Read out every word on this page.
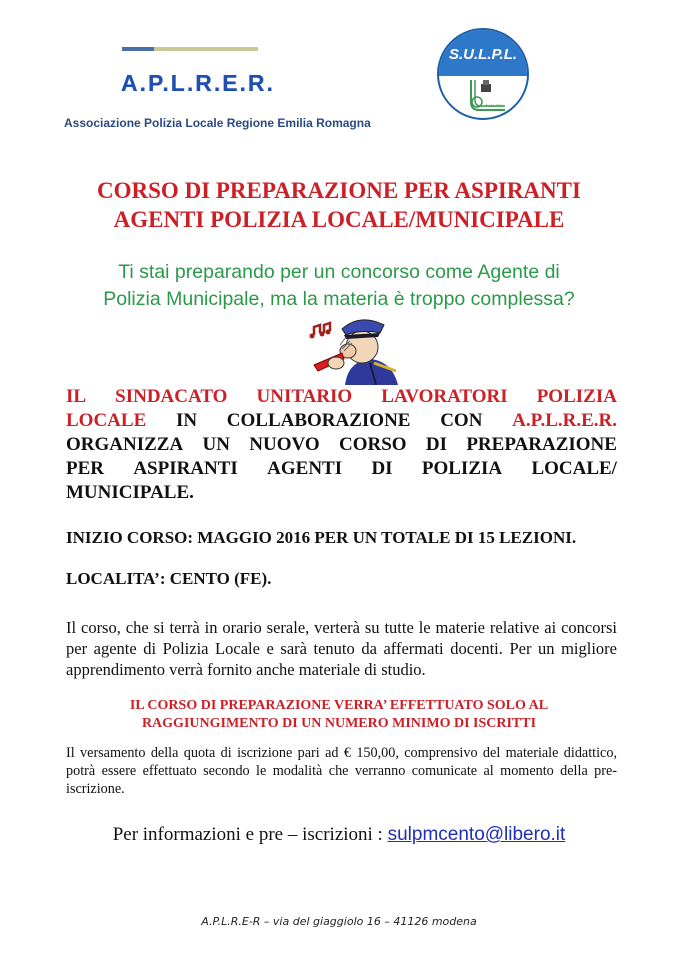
A.P.L.R.E.R.
Associazione Polizia Locale Regione Emilia Romagna
S.U.L.P.L.
S.U.L.P.M.
CORSO DI PREPARAZIONE PER ASPIRANTI
AGENTI POLIZIA LOCALE/MUNICIPALE
Ti stai preparando per un concorso come Agente di
Polizia Municipale, ma la materia è troppo complessa?
IL SINDACATO UNITARIO LAVORATORI POLIZIA
LOCALE IN COLLABORAZIONE CON A.P.L.R.E.R.
ORGANIZZA UN NUOVO CORSO DI PREPARAZIONE
PER ASPIRANTI AGENTI DI POLIZIA LOCALE/
MUNICIPALE.
INIZIO CORSO: MAGGIO 2016 PER UN TOTALE DI 15 LEZIONI.
LOCALITA’: CENTO (FE).
Il corso, che si terrà in orario serale, verterà su tutte le materie relative ai concorsi per agente di Polizia Locale e sarà tenuto da affermati docenti. Per un migliore apprendimento verrà fornito anche materiale di studio.
IL CORSO DI PREPARAZIONE VERRA’ EFFETTUATO SOLO AL
RAGGIUNGIMENTO DI UN NUMERO MINIMO DI ISCRITTI
Il versamento della quota di iscrizione pari ad € 150,00, comprensivo del materiale didattico, potrà essere effettuato secondo le modalità che verranno comunicate al momento della pre-iscrizione.
Per informazioni e pre – iscrizioni : sulpmcento@libero.it
A.P.L.R.E-R – via del giaggiolo 16 – 41126 modena
